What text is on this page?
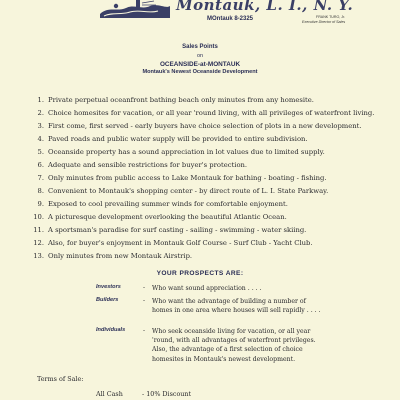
Montauk, L. I., N. Y.
MOntauk 8-2325	FRANK TURO, Jr.
Executive Director of Sales
Sales Points
on
OCEANSIDE-at-MONTAUK
Montauk's Newest Oceanside Development
1. Private perpetual oceanfront bathing beach only minutes from any homesite.
2. Choice homesites for vacation, or all year 'round living, with all privileges of waterfront living.
3. First come, first served - early buyers have choice selection of plots in a new development.
4. Paved roads and public water supply will be provided to entire subdivision.
5. Oceanside property has a sound appreciation in lot values due to limited supply.
6. Adequate and sensible restrictions for buyer's protection.
7. Only minutes from public access to Lake Montauk for bathing - boating - fishing.
8. Convenient to Montauk's shopping center - by direct route of L. I. State Parkway.
9. Exposed to cool prevailing summer winds for comfortable enjoyment.
10. A picturesque development overlooking the beautiful Atlantic Ocean.
11. A sportsman's paradise for surf casting - sailing - swimming - water skiing.
12. Also, for buyer's enjoyment in Montauk Golf Course - Surf Club - Yacht Club.
13. Only minutes from new Montauk Airstrip.
YOUR PROSPECTS ARE:
Investors	- Who want sound appreciation . . . .
Builders	- Who want the advantage of building a number of homes in one area where houses will sell rapidly . . . .
Individuals	- Who seek oceanside living for vacation, or all year 'round, with all advantages of waterfront privileges. Also, the advantage of a first selection of choice homesites in Montauk's newest development.
Terms of Sale:
All Cash	- 10% Discount
